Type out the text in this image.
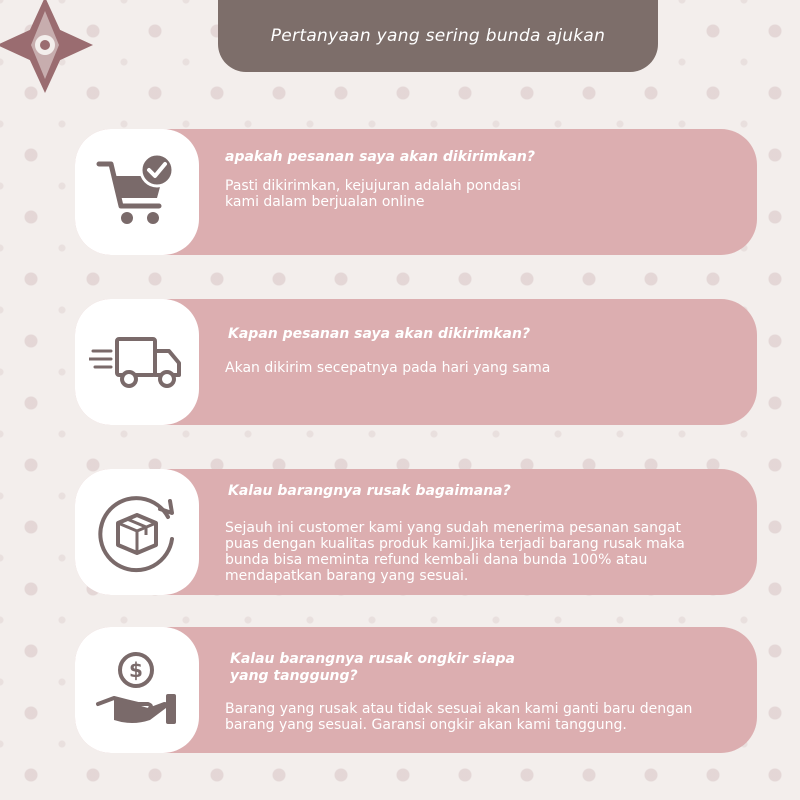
Pertanyaan yang sering bunda ajukan
apakah pesanan saya akan dikirimkan?
Pasti dikirimkan, kejujuran adalah pondasi
kami dalam berjualan online
Kapan pesanan saya akan dikirimkan?
Akan dikirim secepatnya pada hari yang sama
Kalau barangnya rusak bagaimana?
Sejauh ini customer kami yang sudah menerima pesanan sangat
puas dengan kualitas produk kami.Jika terjadi barang rusak maka
bunda bisa meminta refund kembali dana bunda 100% atau
mendapatkan barang yang sesuai.
$	Kalau barangnya rusak ongkir siapa
yang tanggung?
Barang yang rusak atau tidak sesuai akan kami ganti baru dengan
barang yang sesuai. Garansi ongkir akan kami tanggung.
